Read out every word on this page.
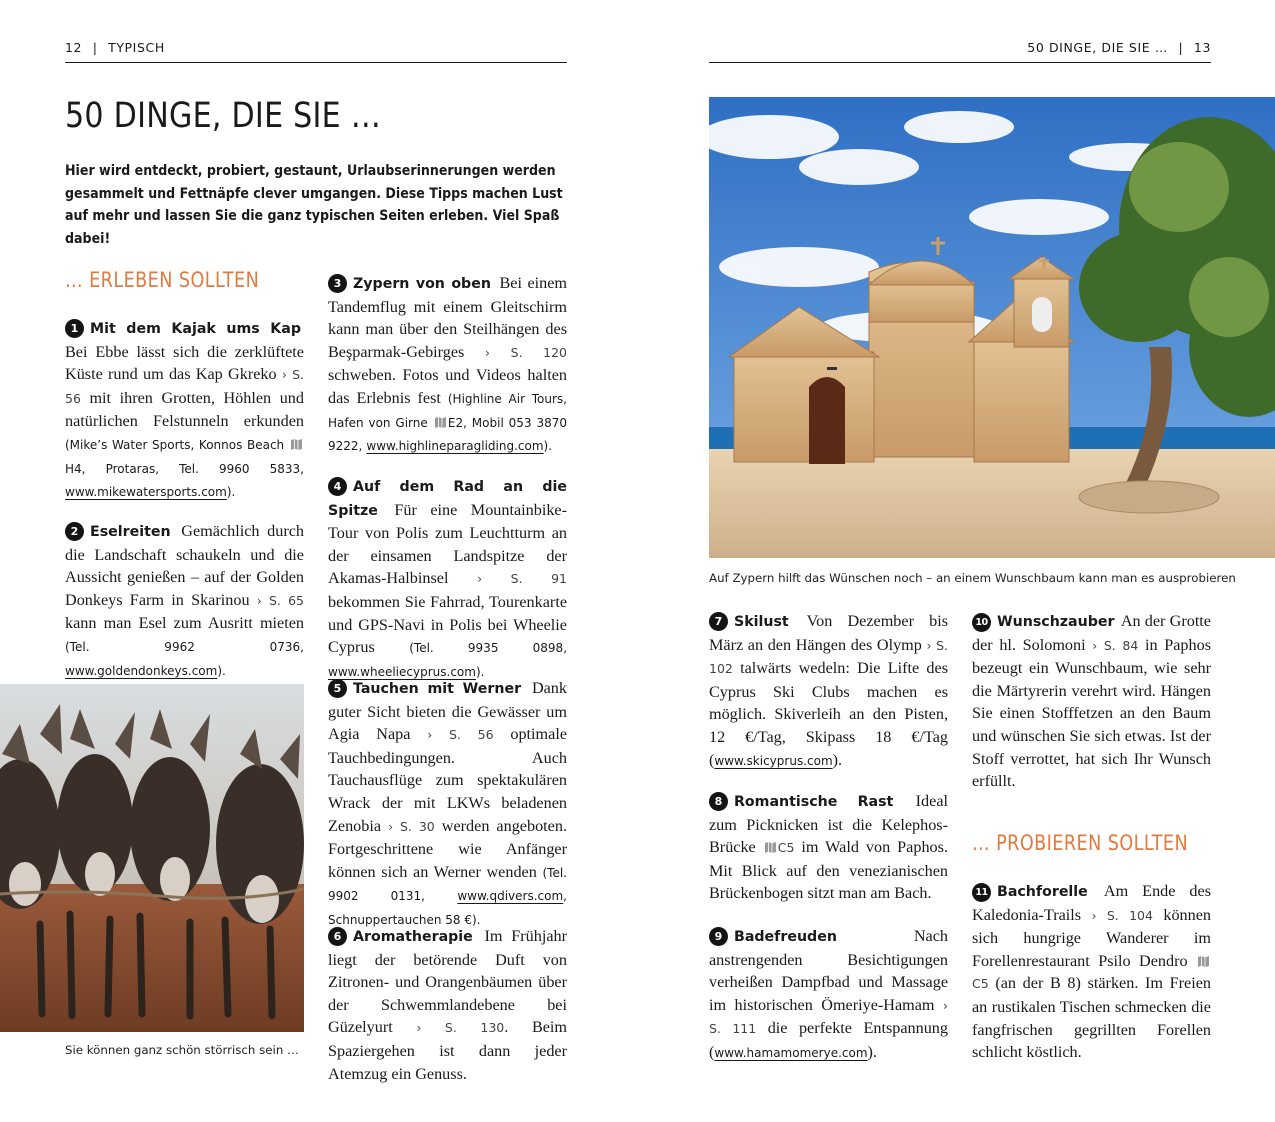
12 | TYPISCH	50 DINGE, DIE SIE … | 13
50 DINGE, DIE SIE …

Hier wird entdeckt, probiert, gestaunt, Urlaubserinnerungen werden gesammelt und Fettnäpfe clever umgangen. Diese Tipps machen Lust auf mehr und lassen Sie die ganz typischen Seiten erleben. Viel Spaß dabei!

… ERLEBEN SOLLTEN

1 Mit dem Kajak ums Kap Bei Ebbe lässt sich die zerklüftete Küste rund um das Kap Gkreko › S. 56 mit ihren Grotten, Höhlen und natürlichen Felstunneln erkunden (Mike’s Water Sports, Konnos Beach H4, Protaras, Tel. 9960 5833, www.mikewatersports.com).

2 Eselreiten Gemächlich durch die Landschaft schaukeln und die Aussicht genießen – auf der Golden Donkeys Farm in Skarinou › S. 65 kann man Esel zum Ausritt mieten (Tel. 9962 0736, www.goldendonkeys.com).

Sie können ganz schön störrisch sein …

3 Zypern von oben Bei einem Tandemflug mit einem Gleitschirm kann man über den Steilhängen des Beşparmak-Gebirges › S. 120 schweben. Fotos und Videos halten das Erlebnis fest (Highline Air Tours, Hafen von Girne E2, Mobil 053 3870 9222, www.highlineparagliding.com).

4 Auf dem Rad an die Spitze Für eine Mountainbike-Tour von Polis zum Leuchtturm an der einsamen Landspitze der Akamas-Halbinsel › S. 91 bekommen Sie Fahrrad, Tourenkarte und GPS-Navi in Polis bei Wheelie Cyprus	(Tel. 9935 0898, www.wheeliecyprus.com).

5 Tauchen mit Werner Dank guter Sicht bieten die Gewässer um Agia Napa › S. 56 optimale Tauchbedingungen. Auch Tauchausflüge zum spektakulären Wrack der mit LKWs beladenen Zenobia › S. 30 werden angeboten. Fortgeschrittene wie Anfänger können sich an Werner wenden (Tel. 9902 0131,	www.qdivers.com, Schnuppertauchen 58 €).

6 Aromatherapie Im Frühjahr liegt der betörende Duft von Zitronen- und Orangenbäumen über der Schwemmlandebene bei Güzelyurt › S. 130. Beim Spaziergehen ist dann jeder Atemzug ein Genuss.

Auf Zypern hilft das Wünschen noch – an einem Wunschbaum kann man es ausprobieren

7 Skilust Von Dezember bis März an den Hängen des Olymp › S. 102 talwärts wedeln: Die Lifte des Cyprus Ski Clubs machen es möglich. Skiverleih an den Pisten, 12 €/Tag, Skipass 18 €/Tag (www.skicyprus.com).

8 Romantische Rast Ideal zum Picknicken ist die Kelephos-Brücke C5 im Wald von Paphos. Mit Blick auf den venezianischen Brückenbogen sitzt man am Bach.

9 Badefreuden	Nach anstrengenden Besichtigungen verheißen Dampfbad und Massage im historischen Ömeriye-Hamam › S. 111 die perfekte Entspannung (www.hamamomerye.com).

10 Wunschzauber An der Grotte der hl. Solomoni › S. 84 in Paphos bezeugt ein Wunschbaum, wie sehr die Märtyrerin verehrt wird. Hängen Sie einen Stofffetzen an den Baum und wünschen Sie sich etwas. Ist der Stoff verrottet, hat sich Ihr Wunsch erfüllt.

… PROBIEREN SOLLTEN

11 Bachforelle Am Ende des Kaledonia-Trails › S. 104 können sich hungrige Wanderer im Forellenrestaurant Psilo Dendro C5 (an der B 8) stärken. Im Freien an rustikalen Tischen schmecken die fangfrischen gegrillten Forellen schlicht köstlich.
